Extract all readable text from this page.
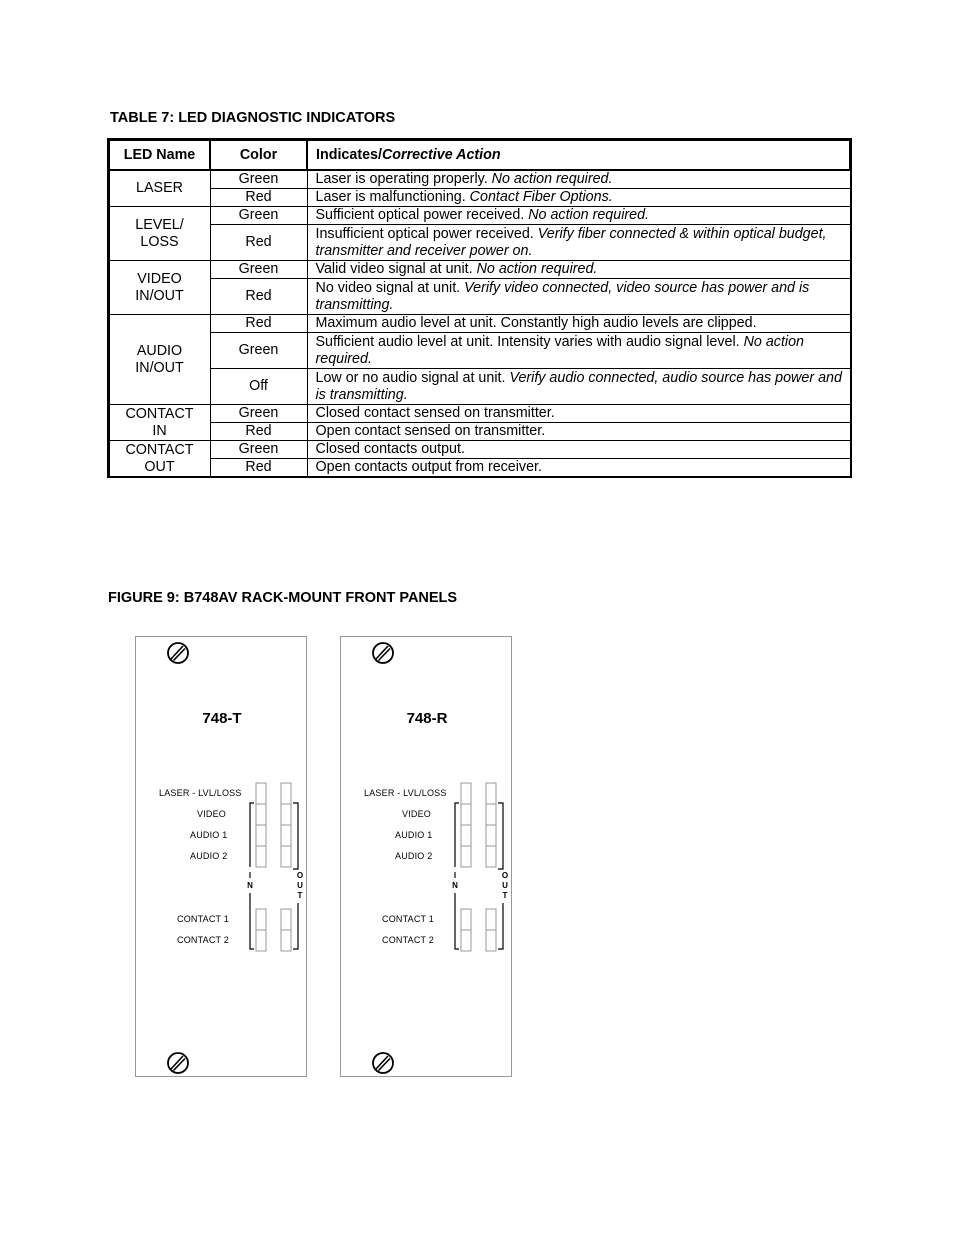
TABLE 7: LED DIAGNOSTIC INDICATORS

LED Name	Color	Indicates/Corrective Action
LASER	Green	Laser is operating properly. No action required.
	Red	Laser is malfunctioning. Contact Fiber Options.
LEVEL/
LOSS	Green	Sufficient optical power received. No action required.
	Red	Insufficient optical power received. Verify fiber connected & within optical budget, transmitter and receiver power on.
VIDEO
IN/OUT	Green	Valid video signal at unit. No action required.
	Red	No video signal at unit. Verify video connected, video source has power and is transmitting.
AUDIO
IN/OUT	Red	Maximum audio level at unit. Constantly high audio levels are clipped.
	Green	Sufficient audio level at unit. Intensity varies with audio signal level. No action required.
	Off	Low or no audio signal at unit. Verify audio connected, audio source has power and is transmitting.
CONTACT
IN	Green	Closed contact sensed on transmitter.
	Red	Open contact sensed on transmitter.
CONTACT
OUT	Green	Closed contacts output.
	Red	Open contacts output from receiver.

FIGURE 9: B748AV RACK-MOUNT FRONT PANELS

748-T
LASER - LVL/LOSS
VIDEO
AUDIO 1
AUDIO 2
CONTACT 1
CONTACT 2
I
N
O
U
T
748-R
LASER - LVL/LOSS
VIDEO
AUDIO 1
AUDIO 2
CONTACT 1
CONTACT 2
I
N
O
U
T
